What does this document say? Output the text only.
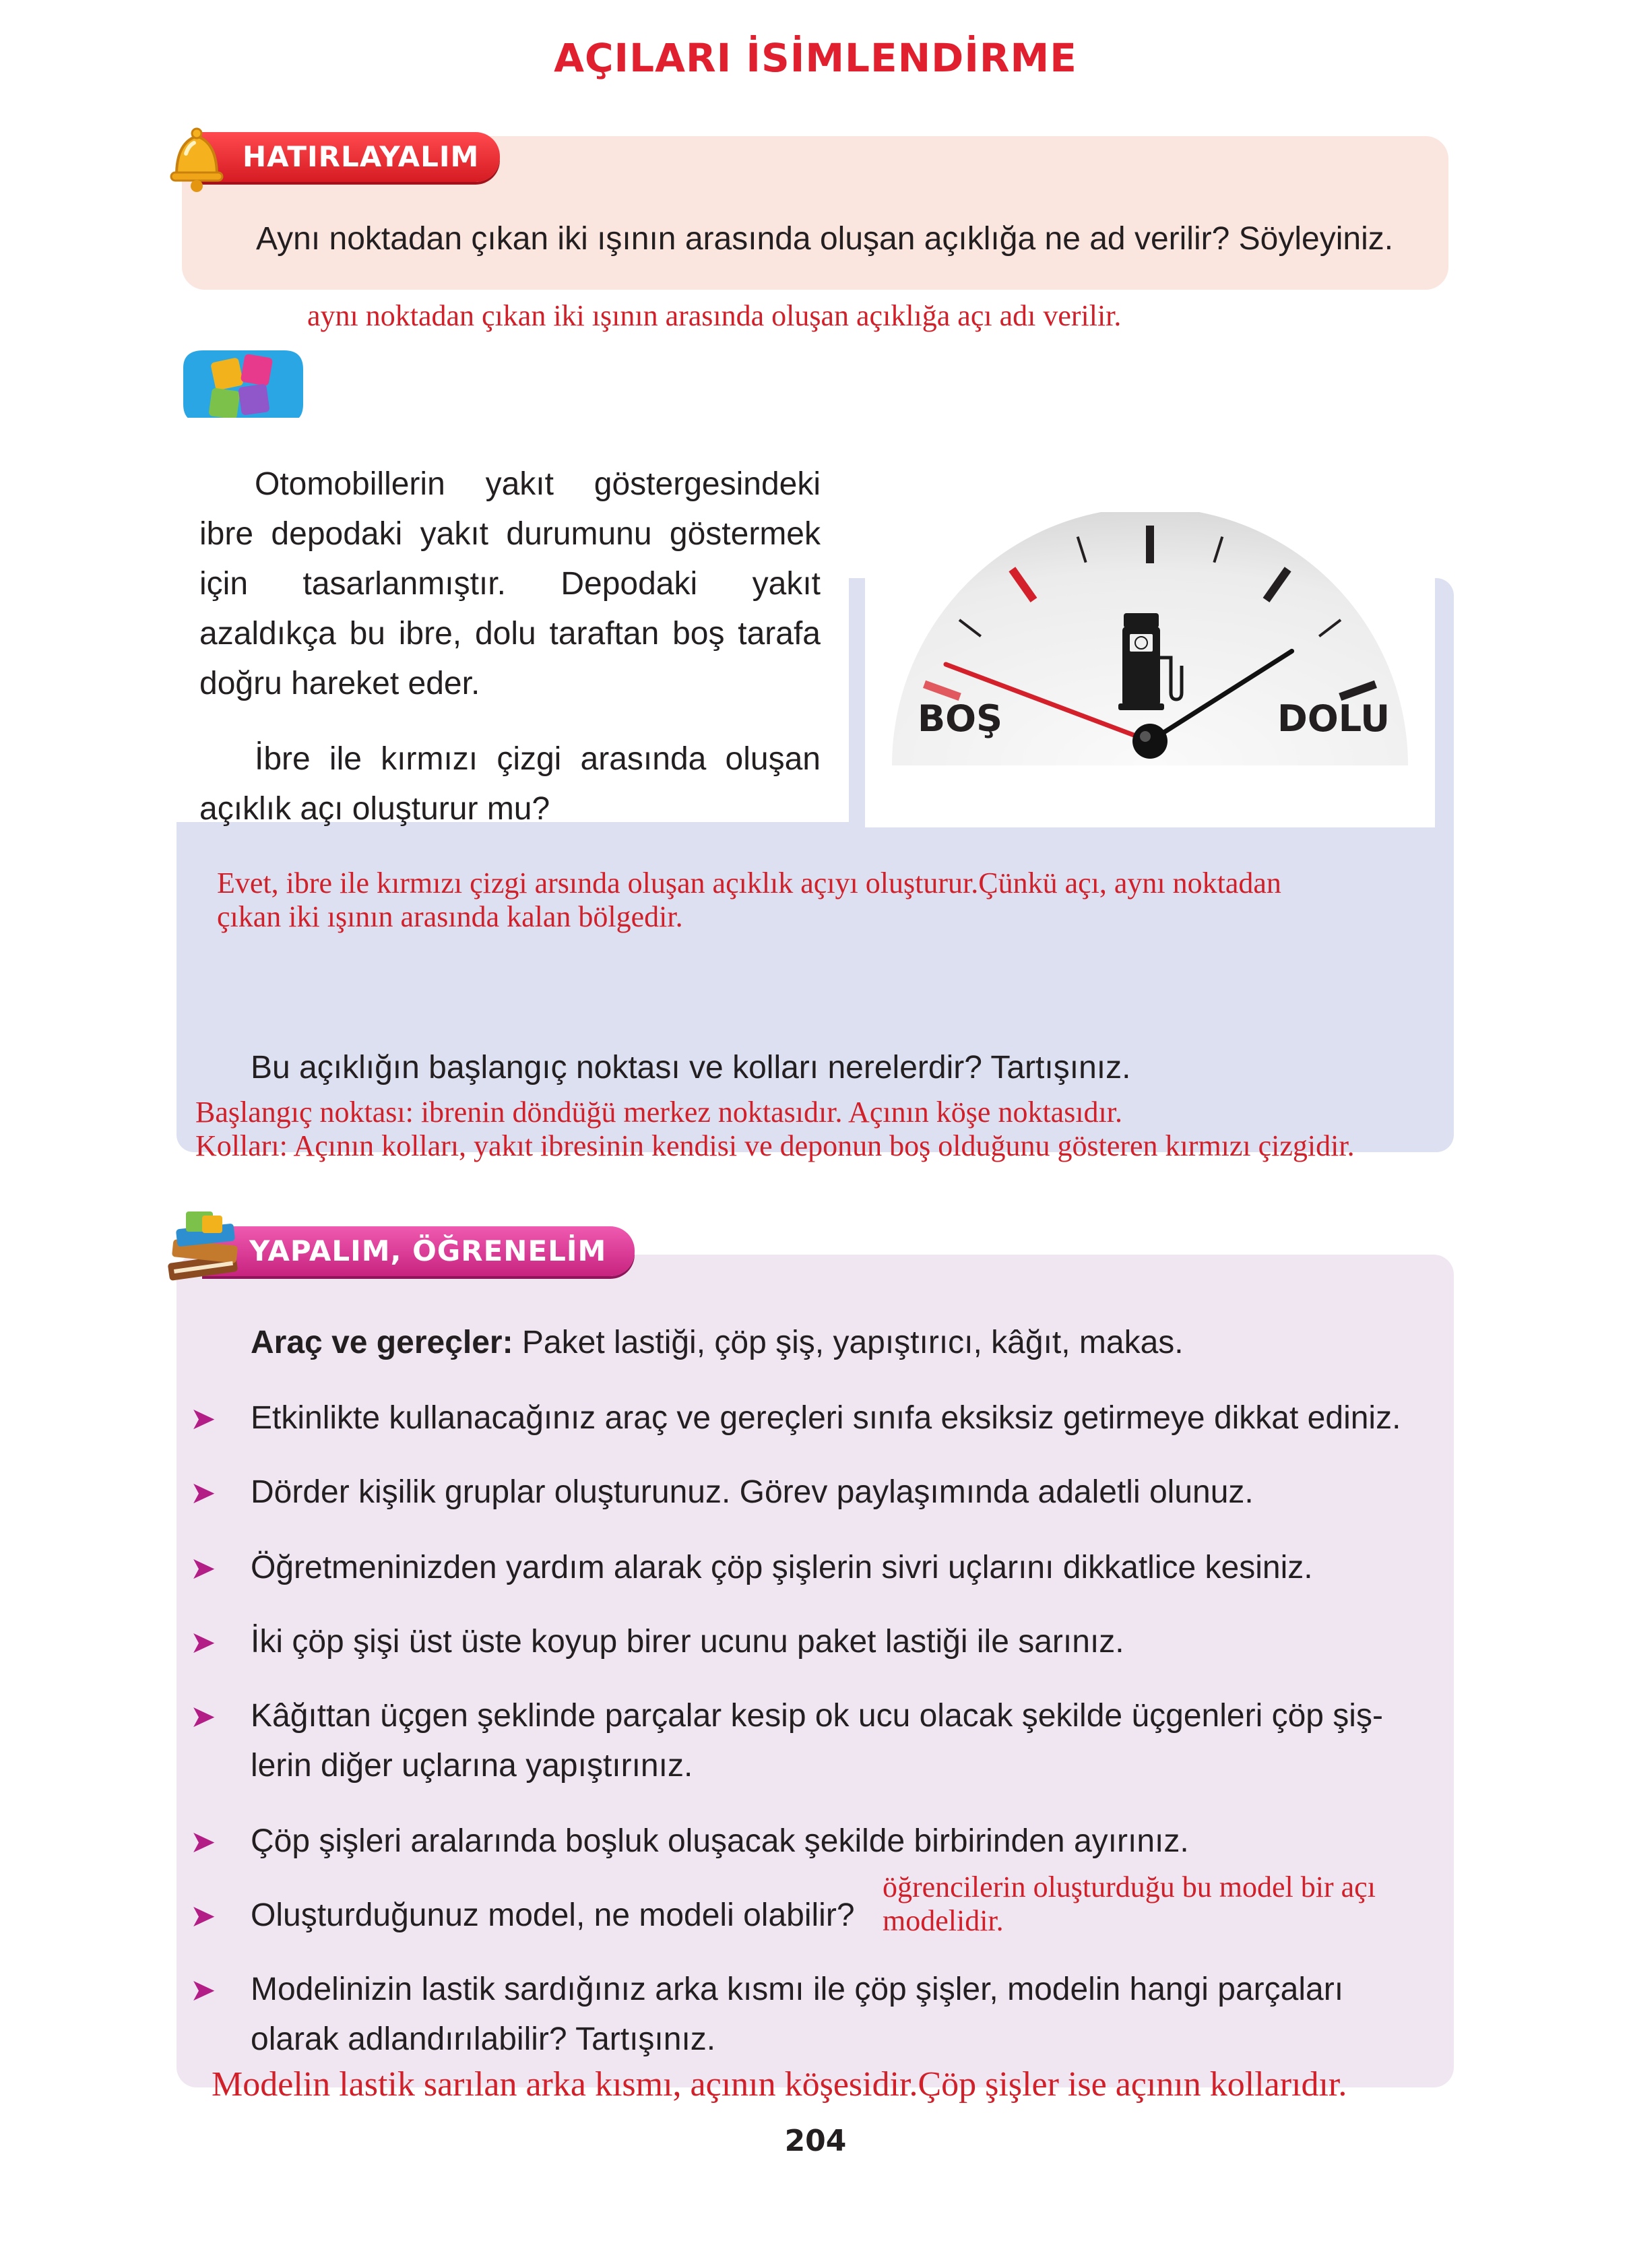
AÇILARI İSİMLENDİRME
HATIRLAYALIM
Aynı noktadan çıkan iki ışının arasında oluşan açıklığa ne ad verilir? Söyleyiniz.
aynı noktadan çıkan iki ışının arasında oluşan açıklığa açı adı verilir.
Otomobillerin yakıt göstergesindeki ibre depodaki yakıt durumunu göstermek için tasarlanmıştır. Depodaki yakıt azaldıkça bu ibre, dolu taraftan boş tarafa doğru hareket eder.
İbre ile kırmızı çizgi arasında oluşan açıklık açı oluşturur mu?
BOŞ	DOLU
Evet, ibre ile kırmızı çizgi arsında oluşan açıklık açıyı oluşturur.Çünkü açı, aynı noktadan
çıkan iki ışının arasında kalan bölgedir.
Bu açıklığın başlangıç noktası ve kolları nerelerdir? Tartışınız.
Başlangıç noktası: ibrenin döndüğü merkez noktasıdır. Açının köşe noktasıdır.
Kolları: Açının kolları, yakıt ibresinin kendisi ve deponun boş olduğunu gösteren kırmızı çizgidir.
YAPALIM, ÖĞRENELİM
Araç ve gereçler: Paket lastiği, çöp şiş, yapıştırıcı, kâğıt, makas.
➤ Etkinlikte kullanacağınız araç ve gereçleri sınıfa eksiksiz getirmeye dikkat ediniz.
➤ Dörder kişilik gruplar oluşturunuz. Görev paylaşımında adaletli olunuz.
➤ Öğretmeninizden yardım alarak çöp şişlerin sivri uçlarını dikkatlice kesiniz.
➤ İki çöp şişi üst üste koyup birer ucunu paket lastiği ile sarınız.
➤ Kâğıttan üçgen şeklinde parçalar kesip ok ucu olacak şekilde üçgenleri çöp şiş-
lerin diğer uçlarına yapıştırınız.
➤ Çöp şişleri aralarında boşluk oluşacak şekilde birbirinden ayırınız.
➤ Oluşturduğunuz model, ne modeli olabilir?
öğrencilerin oluşturduğu bu model bir açı
modelidir.
➤ Modelinizin lastik sardığınız arka kısmı ile çöp şişler, modelin hangi parçaları
olarak adlandırılabilir? Tartışınız.
Modelin lastik sarılan arka kısmı, açının köşesidir.Çöp şişler ise açının kollarıdır.
204
